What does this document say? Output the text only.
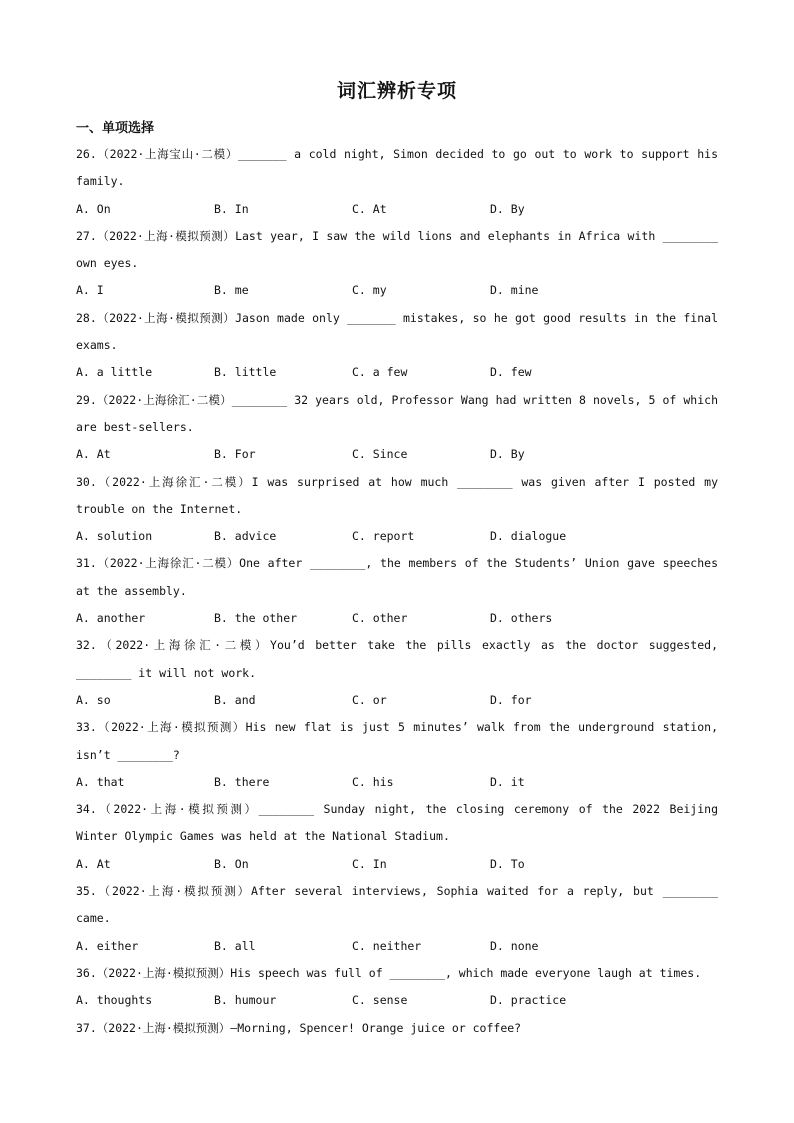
词汇辨析专项
一、单项选择
26.（2022·上海宝山·二模）_______ a cold night, Simon decided to go out to work to support his
family.
A. On	B. In	C. At	D. By
27.（2022·上海·模拟预测）Last year, I saw the wild lions and elephants in Africa with ________
own eyes.
A. I	B. me	C. my	D. mine
28.（2022·上海·模拟预测）Jason made only _______ mistakes, so he got good results in the final
exams.
A. a little	B. little	C. a few	D. few
29.（2022·上海徐汇·二模）________ 32 years old, Professor Wang had written 8 novels, 5 of which
are best-sellers.
A. At	B. For	C. Since	D. By
30.（2022·上海徐汇·二模）I was surprised at how much ________ was given after I posted my
trouble on the Internet.
A. solution	B. advice	C. report	D. dialogue
31.（2022·上海徐汇·二模）One after ________, the members of the Students’ Union gave speeches
at the assembly.
A. another	B. the other	C. other	D. others
32.（2022·上海徐汇·二模）You’d better take the pills exactly as the doctor suggested,
________ it will not work.
A. so	B. and	C. or	D. for
33.（2022·上海·模拟预测）His new flat is just 5 minutes’ walk from the underground station,
isn’t ________?
A. that	B. there	C. his	D. it
34.（2022·上海·模拟预测）________ Sunday night, the closing ceremony of the 2022 Beijing
Winter Olympic Games was held at the National Stadium.
A. At	B. On	C. In	D. To
35.（2022·上海·模拟预测）After several interviews, Sophia waited for a reply, but ________
came.
A. either	B. all	C. neither	D. none
36.（2022·上海·模拟预测）His speech was full of ________, which made everyone laugh at times.
A. thoughts	B. humour	C. sense	D. practice
37.（2022·上海·模拟预测）—Morning, Spencer! Orange juice or coffee?
